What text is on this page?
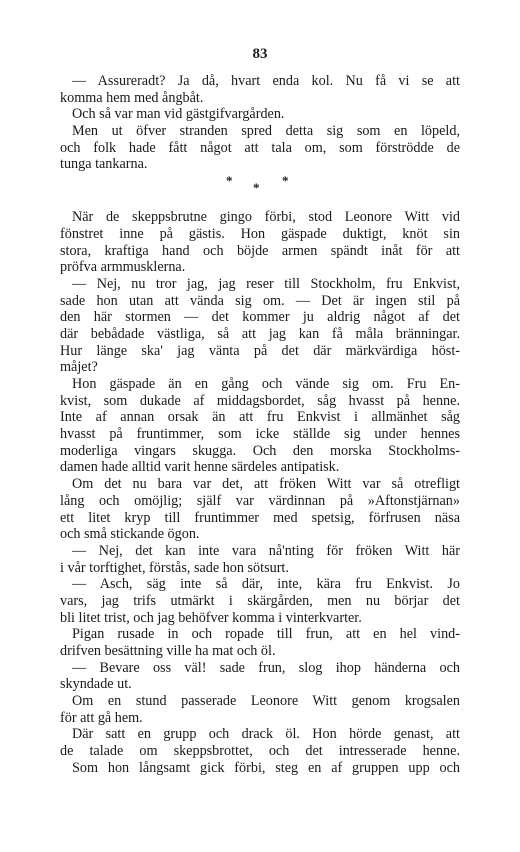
83
— Assureradt? Ja då, hvart enda kol. Nu få vi se att
komma hem med ångbåt.
Och så var man vid gästgifvargården.
Men ut öfver stranden spred detta sig som en löpeld,
och folk hade fått något att tala om, som förströdde de
tunga tankarna.
* * *
När de skeppsbrutne gingo förbi, stod Leonore Witt vid
fönstret inne på gästis. Hon gäspade duktigt, knöt sin
stora, kraftiga hand och böjde armen spändt inåt för att
pröfva armmusklerna.
— Nej, nu tror jag, jag reser till Stockholm, fru Enkvist,
sade hon utan att vända sig om. — Det är ingen stil på
den här stormen — det kommer ju aldrig något af det
där bebådade västliga, så att jag kan få måla bränningar.
Hur länge ska' jag vänta på det där märkvärdiga höst-
måjet?
Hon gäspade än en gång och vände sig om. Fru En-
kvist, som dukade af middagsbordet, såg hvasst på henne.
Inte af annan orsak än att fru Enkvist i allmänhet såg
hvasst på fruntimmer, som icke ställde sig under hennes
moderliga vingars skugga. Och den morska Stockholms-
damen hade alltid varit henne särdeles antipatisk.
Om det nu bara var det, att fröken Witt var så otrefligt
lång och omöjlig; själf var värdinnan på »Aftonstjärnan»
ett litet kryp till fruntimmer med spetsig, förfrusen näsa
och små stickande ögon.
— Nej, det kan inte vara nå'nting för fröken Witt här
i vår torftighet, förstås, sade hon sötsurt.
— Asch, säg inte så där, inte, kära fru Enkvist. Jo
vars, jag trifs utmärkt i skärgården, men nu börjar det
bli litet trist, och jag behöfver komma i vinterkvarter.
Pigan rusade in och ropade till frun, att en hel vind-
drifven besättning ville ha mat och öl.
— Bevare oss väl! sade frun, slog ihop händerna och
skyndade ut.
Om en stund passerade Leonore Witt genom krogsalen
för att gå hem.
Där satt en grupp och drack öl. Hon hörde genast, att
de talade om skeppsbrottet, och det intresserade henne.
Som hon långsamt gick förbi, steg en af gruppen upp och
